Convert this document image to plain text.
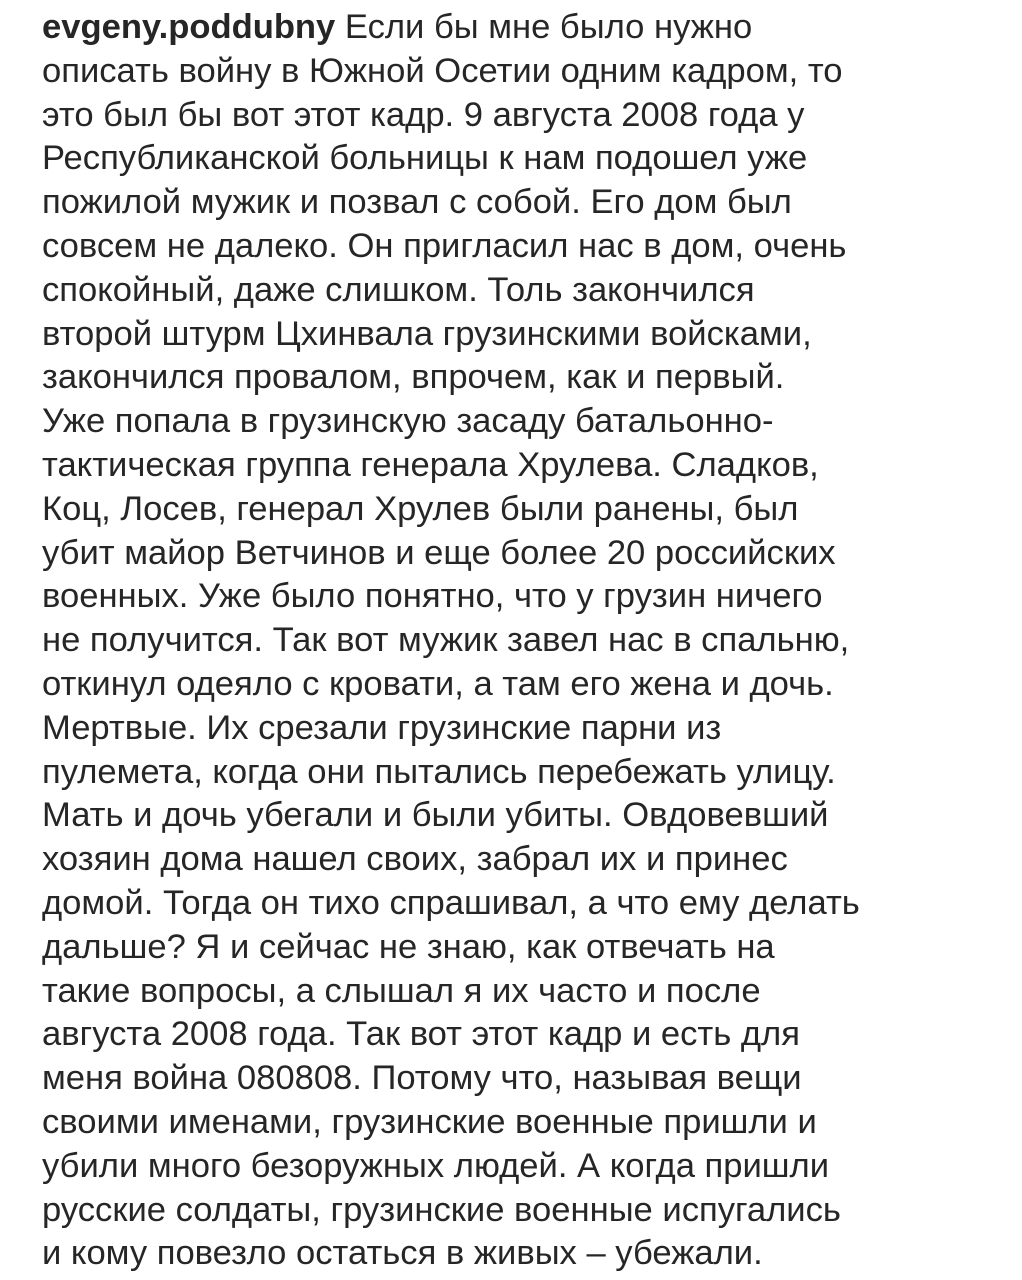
evgeny.poddubny Если бы мне было нужно
описать войну в Южной Осетии одним кадром, то
это был бы вот этот кадр. 9 августа 2008 года у
Республиканской больницы к нам подошел уже
пожилой мужик и позвал с собой. Его дом был
совсем не далеко. Он пригласил нас в дом, очень
спокойный, даже слишком. Толь закончился
второй штурм Цхинвала грузинскими войсками,
закончился провалом, впрочем, как и первый.
Уже попала в грузинскую засаду батальонно-
тактическая группа генерала Хрулева. Сладков,
Коц, Лосев, генерал Хрулев были ранены, был
убит майор Ветчинов и еще более 20 российских
военных. Уже было понятно, что у грузин ничего
не получится. Так вот мужик завел нас в спальню,
откинул одеяло с кровати, а там его жена и дочь.
Мертвые. Их срезали грузинские парни из
пулемета, когда они пытались перебежать улицу.
Мать и дочь убегали и были убиты. Овдовевший
хозяин дома нашел своих, забрал их и принес
домой. Тогда он тихо спрашивал, а что ему делать
дальше? Я и сейчас не знаю, как отвечать на
такие вопросы, а слышал я их часто и после
августа 2008 года. Так вот этот кадр и есть для
меня война 080808. Потому что, называя вещи
своими именами, грузинские военные пришли и
убили много безоружных людей. А когда пришли
русские солдаты, грузинские военные испугались
и кому повезло остаться в живых – убежали.
